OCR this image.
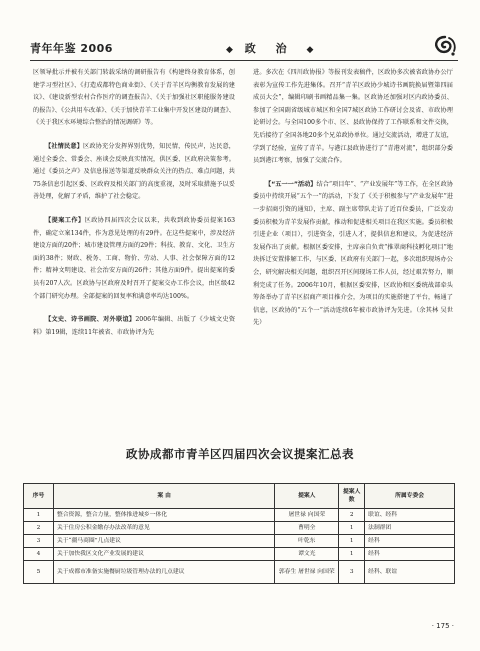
青年年鉴 2006	◆ 政 治 ◆

区领导批示并被有关部门转载采纳的调研报告有《构建终身教育体系，创建学习型社区》、《打造成都特色商业街》、《关于青羊区均衡教育发展的建议》、《建设新型农村合作医疗的调查报告》、《关于加强社区职能服务建设的报告》、《公共用车改革》、《关于加快青羊工业集中开发区建设的调查》、《关于我区水环境综合整治的情况调研》等。

【社情民意】区政协充分发挥界别优势，知民情，传民声，达民意，通过全委会、常委会、座谈会反映真实情况，供区委、区政府决策参考。通过《委员之声》及信息报送等渠道反映群众关注的热点、难点问题，共75条信息引起区委、区政府及相关部门的高度重视，及时采取措施予以妥善处理，化解了矛盾，维护了社会稳定。

【提案工作】区政协四届四次会议以来，共收到政协委员提案163件，确定立案134件，作为意见处理的有29件。在这些提案中，涉及经济建设方面的20件；城市建设管理方面的29件；科技、教育、文化、卫生方面的38件；财政、税务、工商、物价、劳动、人事、社会保障方面的12件；精神文明建设、社会治安方面的26件；其他方面9件。提出提案的委员有207人次。区政协与区政府及时召开了提案交办工作会议，由区级42个部门研究办理。全部提案的回复率和满意率均达100%。

【文史、诗书画院、对外联谊】2006年编辑、出版了《少城文史资料》第19辑，连续11年被省、市政协评为先

进。多次在《四川政协报》等报刊发表稿件，区政协多次被省政协办公厅表彰为宣传工作先进集体。召开“青羊区政协少城诗书画院换届暨第四届成员大会”，编辑印刷书画精品集一集。区政协还加强对区内政协委员、参加了全国副省级城市城区和全国7城区政协工作研讨会及省、市政协理论研讨会。与全国100多个市、区、县政协保持了工作联系和文件交换，先后接待了全国各地20多个兄弟政协单位。通过交流活动，增进了友谊，学到了经验，宣传了青羊。与港江县政协进行了“青港对流”，组织部分委员到港江考察，加强了交流合作。

【“五一一”活动】结合“项目年”、“产业发展年”等工作，在全区政协委员中持续开展“五个一”的活动，下发了《关于积极参与“产业发展年”进一步招商引资的通知》，主席、副主席带队走访了近百位委员，广泛发动委员积极为青羊发展作贡献，推动和促进相关项目在我区实施。委员积极引进企业（项目），引进资金，引进人才，提供信息和建议，为促进经济发展作出了贡献。根据区委安排，主席亲自负责“推翠商科技孵化项目”地块拆迁安置排解工作，与区委、区政府有关部门一起，多次组织现场办公会，研究解决相关问题，组织召开区间现场工作人员，经过艰苦努力，顺利完成了任务。2006年10月，根据区委安排，区政协和区委统战部牵头筹备举办了青羊区招商产项目推介会，为项目的实施搭建了平台，畅通了信息，区政协的“五个一”活动连续6年被市政协评为先进。（余其林 吴世先）

政协成都市青羊区四届四次会议提案汇总表
序号	案 由	提案人	提案人数	所属专委会
1	整合资源，整合力量，整体推进城乡一体化	屠世禄 向国荣	2	联谊、经科
2	关于住房公积金缴存办法改革的意见	曹明全	1	法制群团
3	关于“疆马商圈”几点建议	叶乾东	1	经科
4	关于加快我区文化产业发展的建议	谭文光	1	经科
5	关于成都市准备实施餐厨垃圾管理办法的几点建议	郭春生 屠世禄 向国荣	3	经科、联谊
· 175 ·
